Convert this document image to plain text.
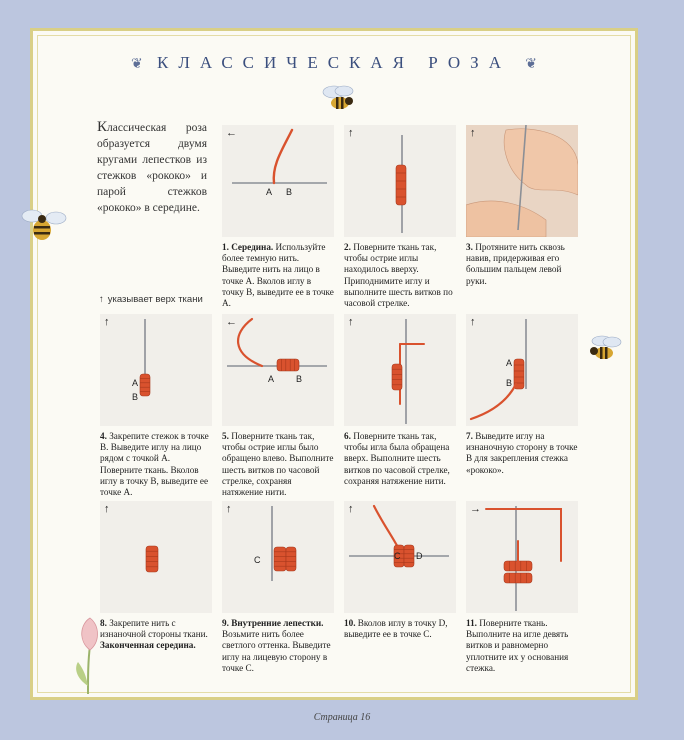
❦ КЛАССИЧЕСКАЯ РОЗА ❦
Классическая роза образуется двумя кругами лепестков из стежков «рококо» и парой стежков «рококо» в середине.
↑ указывает верх ткани
←
A B
1. Середина. Используйте более темную нить. Выведите нить на лицо в точке А. Вколов иглу в точку В, выведите ее в точке А.
↑
2. Поверните ткань так, чтобы острие иглы находилось вверху. Приподнимите иглу и выполните шесть витков по часовой стрелке.
↑
3. Протяните нить сквозь навив, придерживая его большим пальцем левой руки.
↑
A
B
4. Закрепите стежок в точке В. Выведите иглу на лицо рядом с точкой А. Поверните ткань. Вколов иглу в точку В, выведите ее точке А.
←
A B
5. Поверните ткань так, чтобы острие иглы было обращено влево. Выполните шесть витков по часовой стрелке, сохраняя натяжение нити.
↑
6. Поверните ткань так, чтобы игла была обращена вверх. Выполните шесть витков по часовой стрелке, сохраняя натяжение нити.
↑
A
B
7. Выведите иглу на изнаночную сторону в точке В для закрепления стежка «рококо».
↑
8. Закрепите нить с изнаночной стороны ткани. Законченная середина.
↑
C
9. Внутренние лепестки. Возьмите нить более светлого оттенка. Выведите иглу на лицевую сторону в точке С.
↑
C D
10. Вколов иглу в точку D, выведите ее в точке С.
→
11. Поверните ткань. Выполните на игле девять витков и равномерно уплотните их у основания стежка.
Страница 16
